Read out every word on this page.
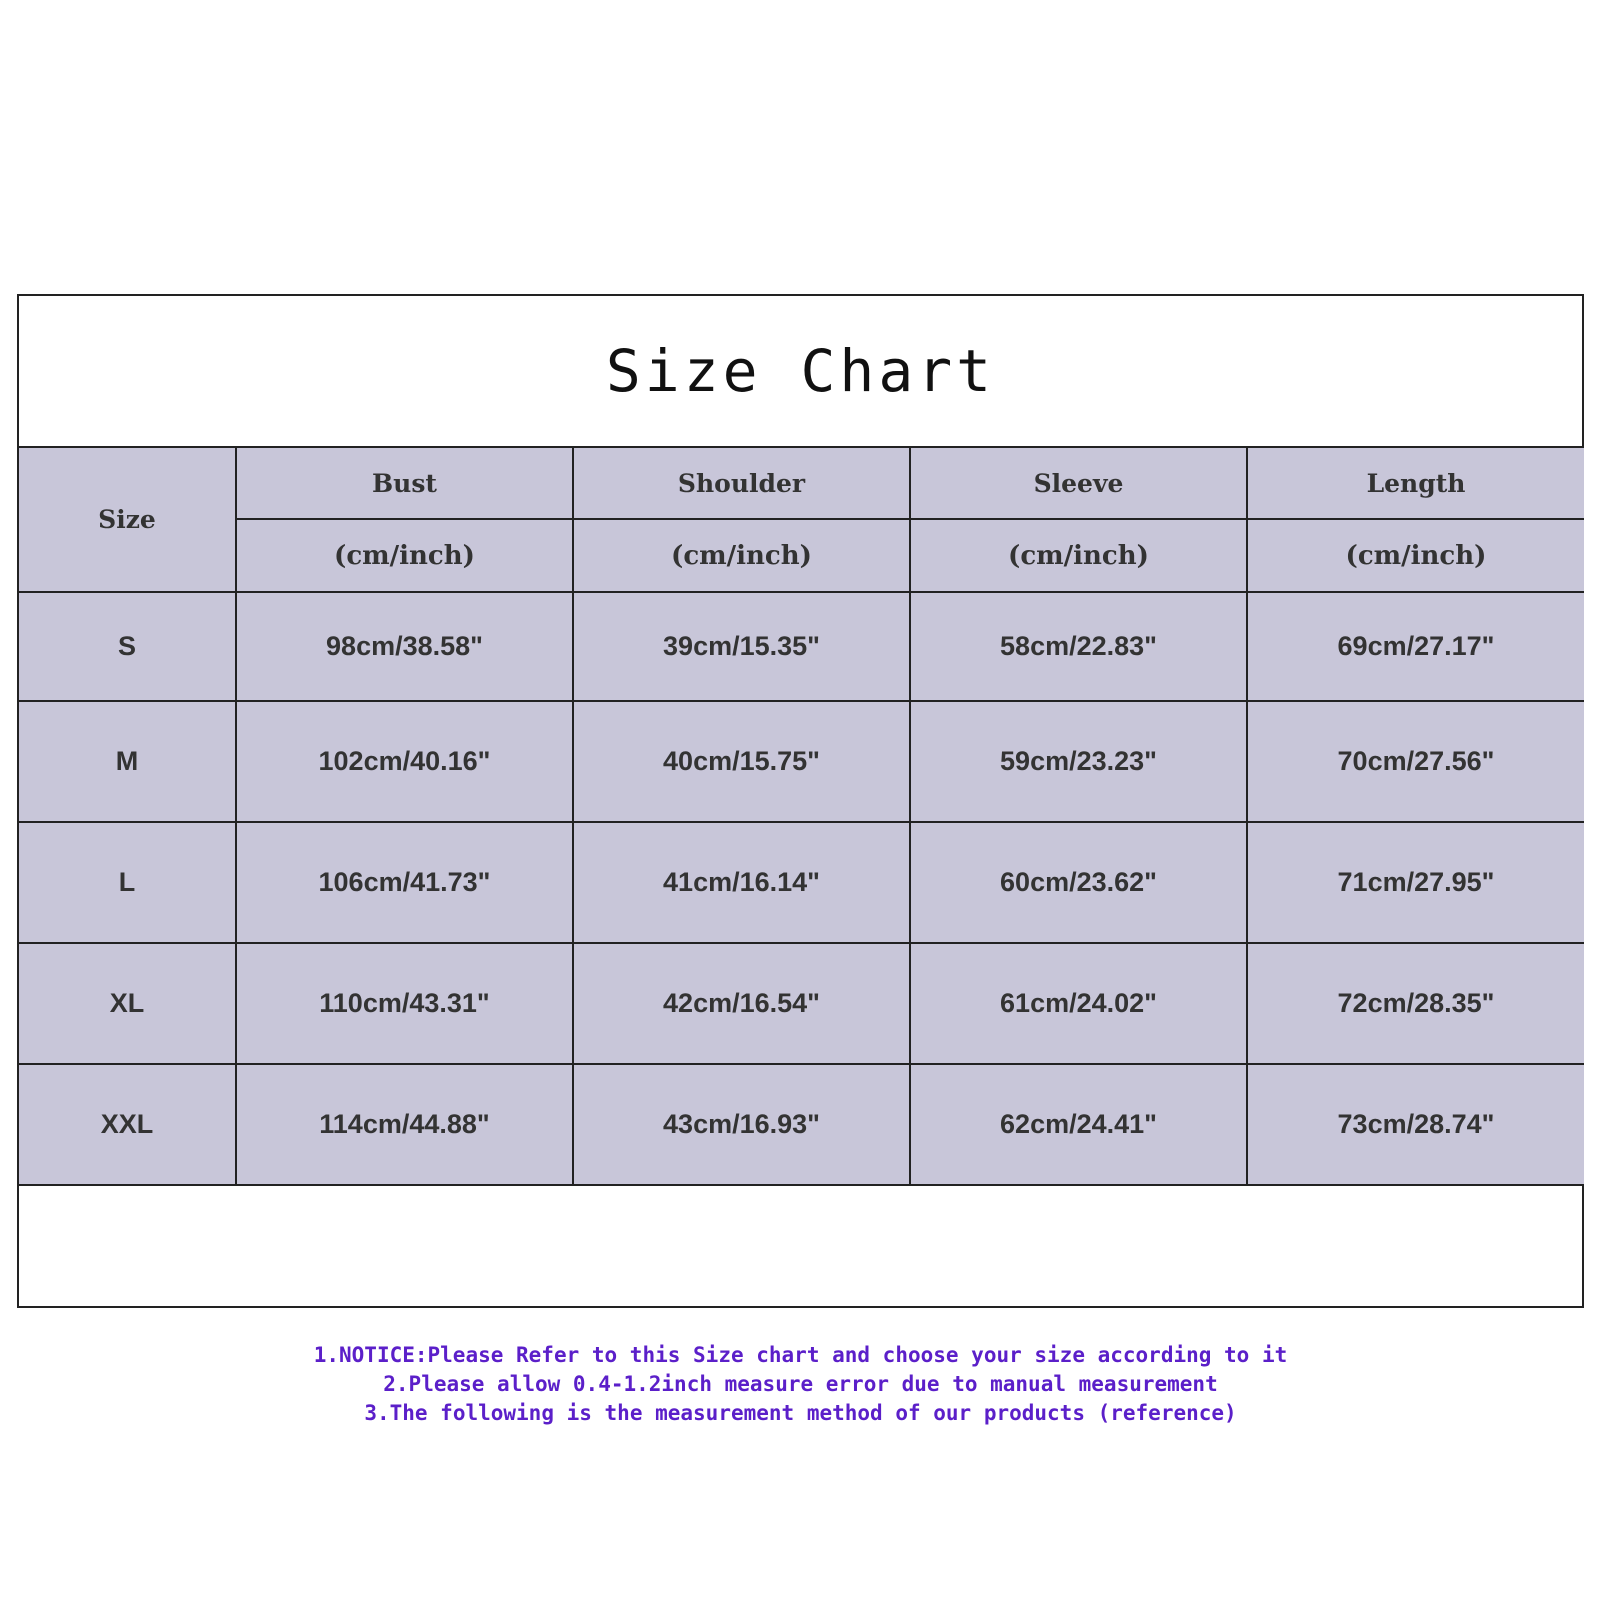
Size Chart
Size	Bust	Shoulder	Sleeve	Length
	(cm/inch)	(cm/inch)	(cm/inch)	(cm/inch)
S	98cm/38.58"	39cm/15.35"	58cm/22.83"	69cm/27.17"
M	102cm/40.16"	40cm/15.75"	59cm/23.23"	70cm/27.56"
L	106cm/41.73"	41cm/16.14"	60cm/23.62"	71cm/27.95"
XL	110cm/43.31"	42cm/16.54"	61cm/24.02"	72cm/28.35"
XXL	114cm/44.88"	43cm/16.93"	62cm/24.41"	73cm/28.74"
1.NOTICE:Please Refer to this Size chart and choose your size according to it
2.Please allow 0.4-1.2inch measure error due to manual measurement
3.The following is the measurement method of our products (reference)
